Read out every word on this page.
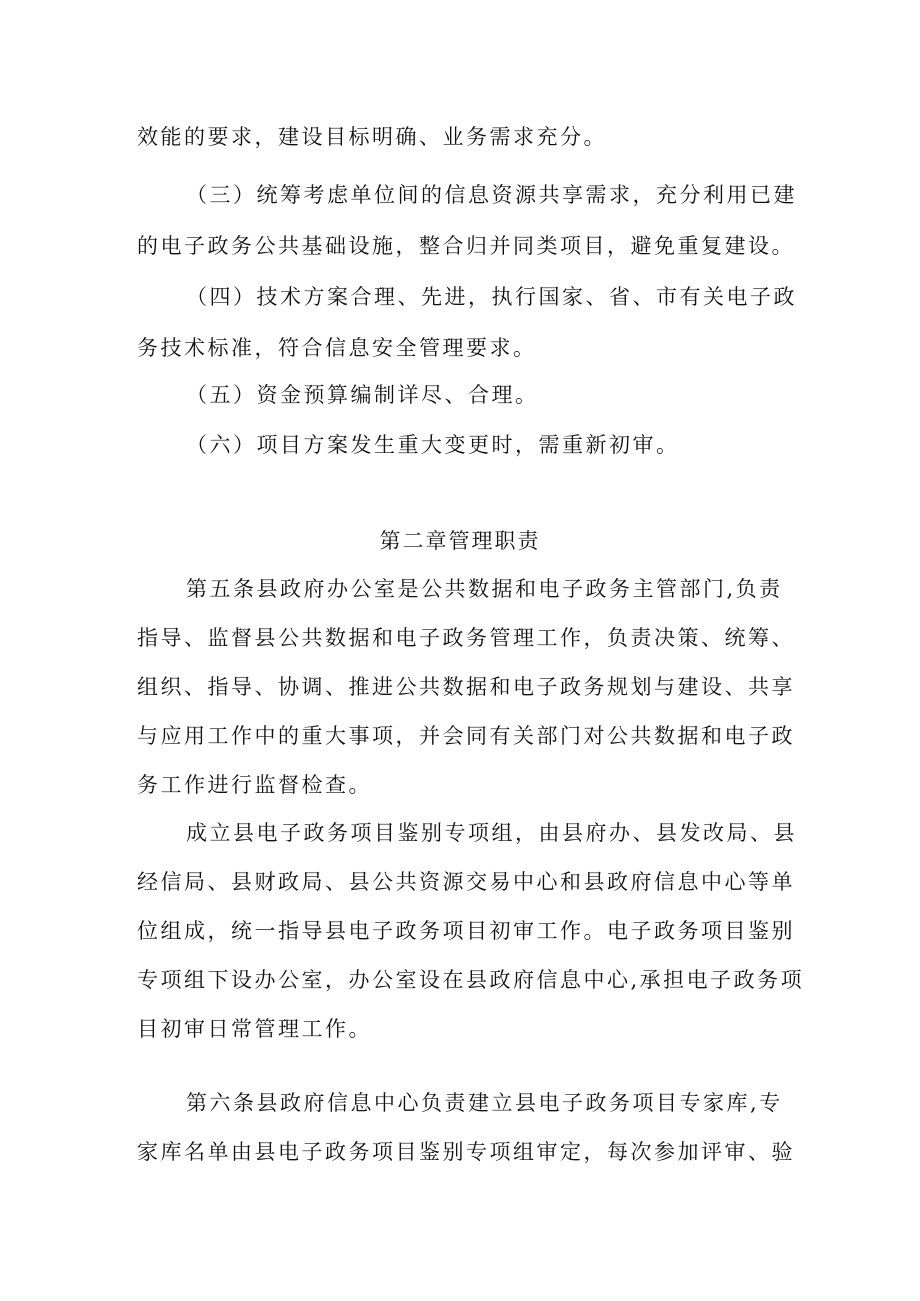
效能的要求，建设目标明确、业务需求充分。
（三）统筹考虑单位间的信息资源共享需求，充分利用已建
的电子政务公共基础设施，整合归并同类项目，避免重复建设。
（四）技术方案合理、先进，执行国家、省、市有关电子政
务技术标准，符合信息安全管理要求。
（五）资金预算编制详尽、合理。
（六）项目方案发生重大变更时，需重新初审。
第二章管理职责
第五条县政府办公室是公共数据和电子政务主管部门,负责
指导、监督县公共数据和电子政务管理工作，负责决策、统筹、
组织、指导、协调、推进公共数据和电子政务规划与建设、共享
与应用工作中的重大事项，并会同有关部门对公共数据和电子政
务工作进行监督检查。
成立县电子政务项目鉴别专项组，由县府办、县发改局、县
经信局、县财政局、县公共资源交易中心和县政府信息中心等单
位组成，统一指导县电子政务项目初审工作。电子政务项目鉴别
专项组下设办公室，办公室设在县政府信息中心,承担电子政务项
目初审日常管理工作。
第六条县政府信息中心负责建立县电子政务项目专家库,专
家库名单由县电子政务项目鉴别专项组审定，每次参加评审、验
